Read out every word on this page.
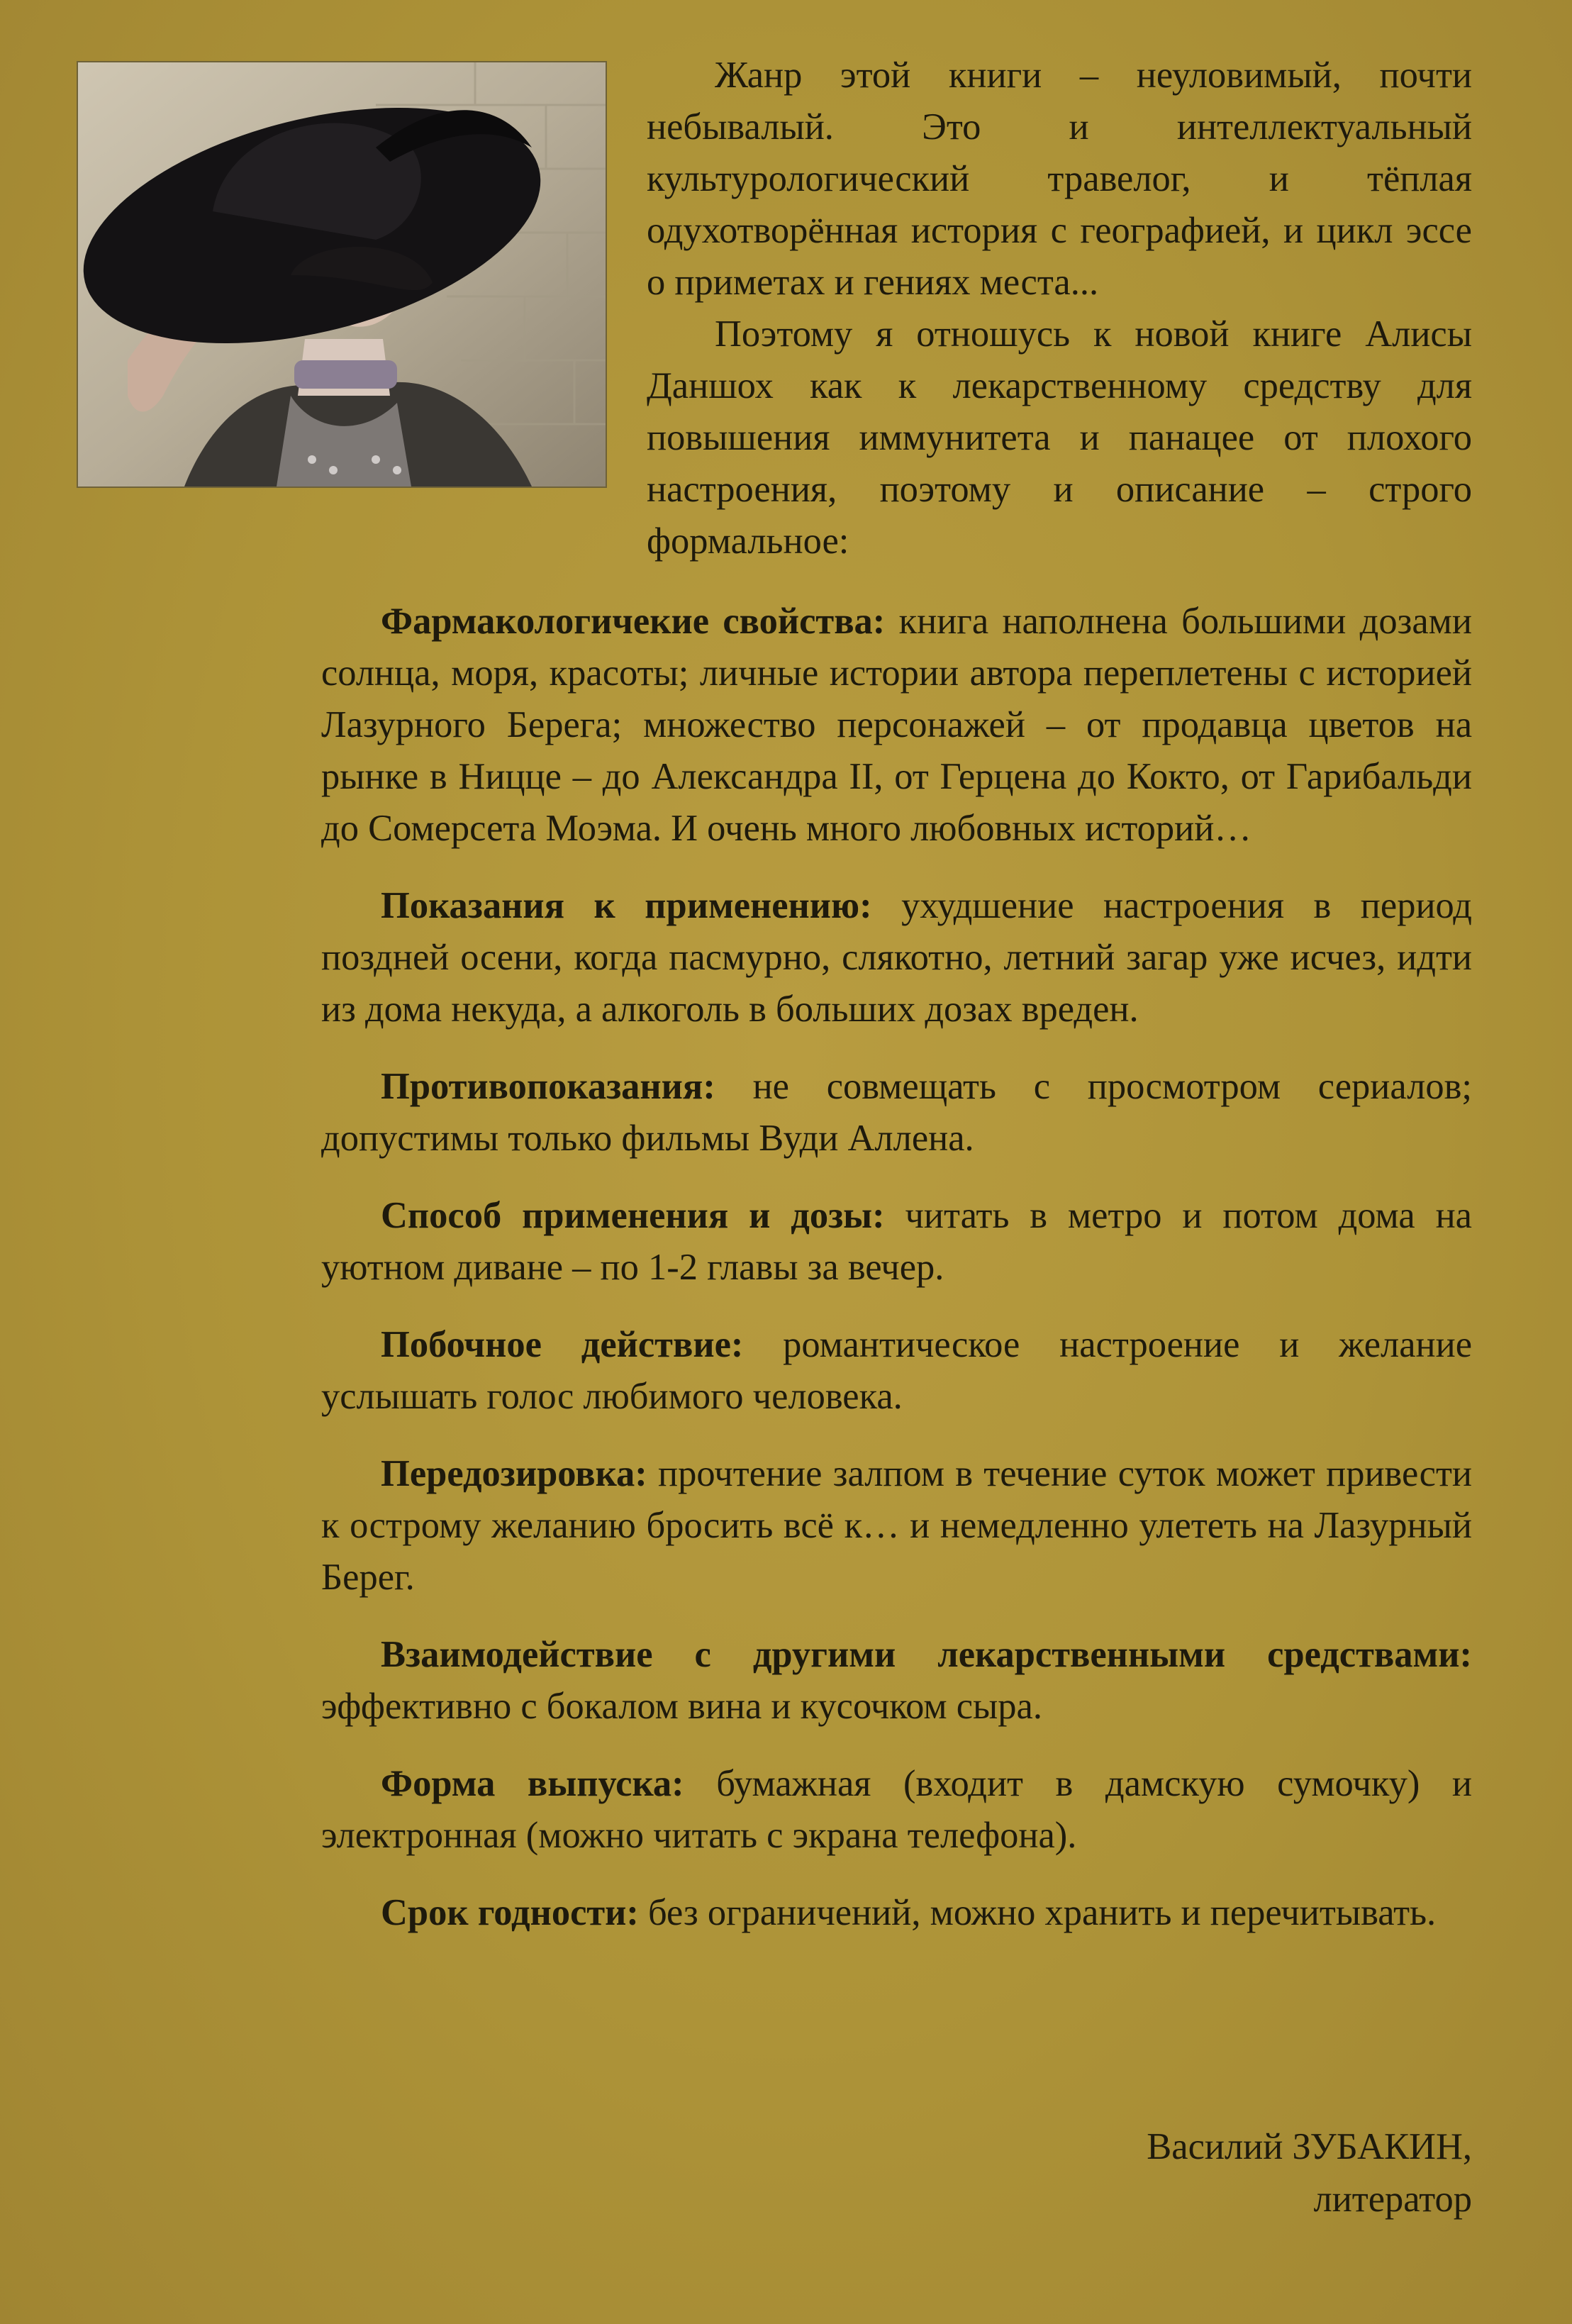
Жанр этой книги – неуловимый, почти небывалый. Это и интеллектуальный культурологический травелог, и тёплая одухотворённая история с географией, и цикл эссе о приметах и гениях места...

Поэтому я отношусь к новой книге Алисы Даншох как к лекарственному средству для повышения иммунитета и панацее от плохого настроения, поэтому и описание – строго формальное:

Фармакологичекие свойства: книга наполнена большими дозами солнца, моря, красоты; личные истории автора переплетены с историей Лазурного Берега; множество персонажей – от продавца цветов на рынке в Ницце – до Александра II, от Герцена до Кокто, от Гарибальди до Сомерсета Моэма. И очень много любовных историй…

Показания к применению: ухудшение настроения в период поздней осени, когда пасмурно, слякотно, летний загар уже исчез, идти из дома некуда, а алкоголь в больших дозах вреден.

Противопоказания: не совмещать с просмотром сериалов; допустимы только фильмы Вуди Аллена.

Способ применения и дозы: читать в метро и потом дома на уютном диване – по 1-2 главы за вечер.

Побочное действие: романтическое настроение и желание услышать голос любимого человека.

Передозировка: прочтение залпом в течение суток может привести к острому желанию бросить всё к… и немедленно улететь на Лазурный Берег.

Взаимодействие с другими лекарственными средствами: эффективно с бокалом вина и кусочком сыра.

Форма выпуска: бумажная (входит в дамскую сумочку) и электронная (можно читать с экрана телефона).

Срок годности: без ограничений, можно хранить и перечитывать.

Василий ЗУБАКИН,
литератор
